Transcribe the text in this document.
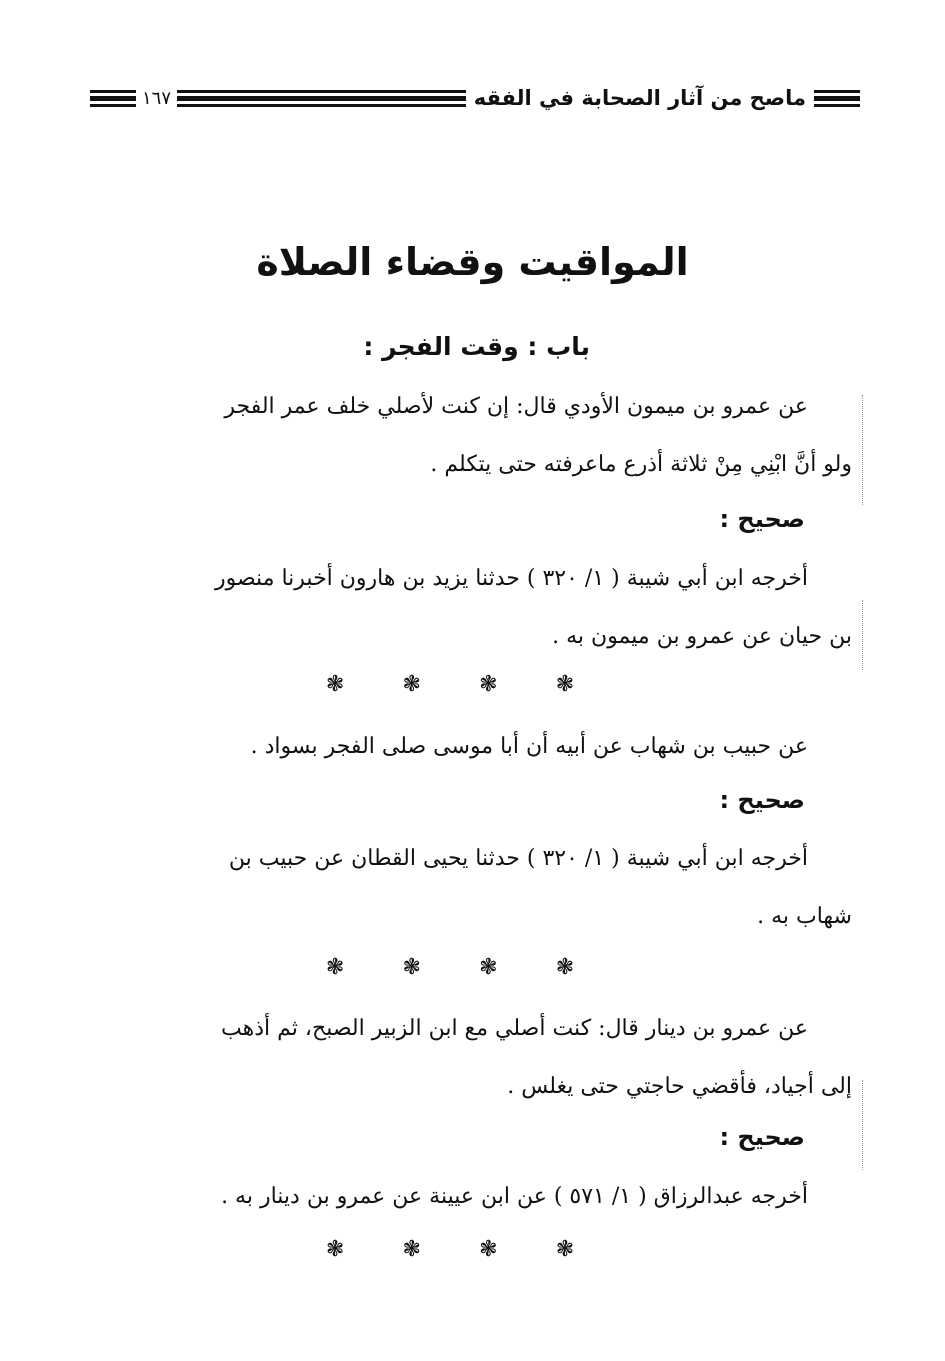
ماصح من آثار الصحابة في الفقه
١٦٧
المواقيت وقضاء الصلاة
باب : وقت الفجر :
عن عمرو بن ميمون الأودي قال: إن كنت لأصلي خلف عمر الفجر
ولو أنَّ ابْنِي مِنْ ثلاثة أذرع ماعرفته حتى يتكلم .
صحيح :
أخرجه ابن أبي شيبة ( ١/ ٣٢٠ ) حدثنا يزيد بن هارون أخبرنا منصور
بن حيان عن عمرو بن ميمون به .
❃
❃
❃
❃
عن حبيب بن شهاب عن أبيه أن أبا موسى صلى الفجر بسواد .
صحيح :
أخرجه ابن أبي شيبة ( ١/ ٣٢٠ ) حدثنا يحيى القطان عن حبيب بن
شهاب به .
❃
❃
❃
❃
عن عمرو بن دينار قال: كنت أصلي مع ابن الزبير الصبح، ثم أذهب
إلى أجياد، فأقضي حاجتي حتى يغلس .
صحيح :
أخرجه عبدالرزاق ( ١/ ٥٧١ ) عن ابن عيينة عن عمرو بن دينار به .
❃
❃
❃
❃
